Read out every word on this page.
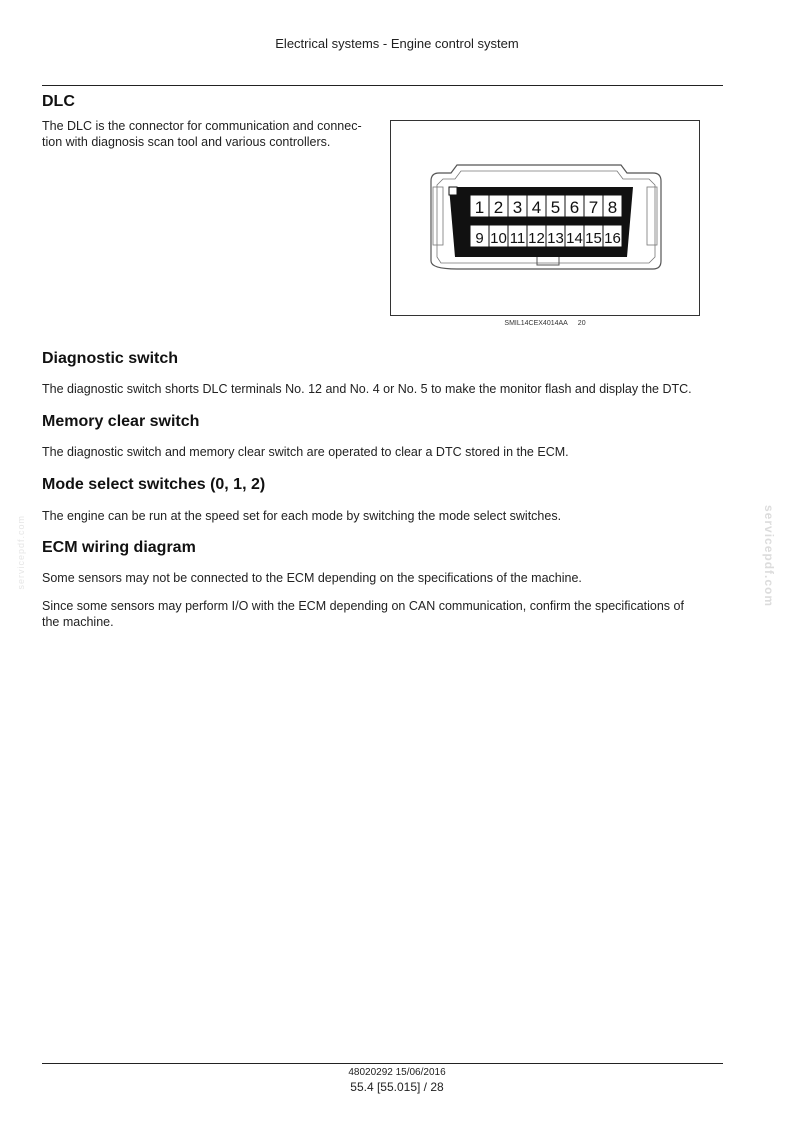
Electrical systems - Engine control system
DLC

The DLC is the connector for communication and connec-

tion with diagnosis scan tool and various controllers.

1 2 3 4 5 6 7 8
9 10 11 12 13 14 15 16
SMIL14CEX4014AA 20
Diagnostic switch

The diagnostic switch shorts DLC terminals No. 12 and No. 4 or No. 5 to make the monitor flash and display the DTC.

Memory clear switch

The diagnostic switch and memory clear switch are operated to clear a DTC stored in the ECM.

Mode select switches (0, 1, 2)

The engine can be run at the speed set for each mode by switching the mode select switches.

ECM wiring diagram

Some sensors may not be connected to the ECM depending on the specifications of the machine.

Since some sensors may perform I/O with the ECM depending on CAN communication, confirm the specifications of

the machine.

servicepdf.com
servicepdf.com
48020292 15/06/2016
55.4 [55.015] / 28
